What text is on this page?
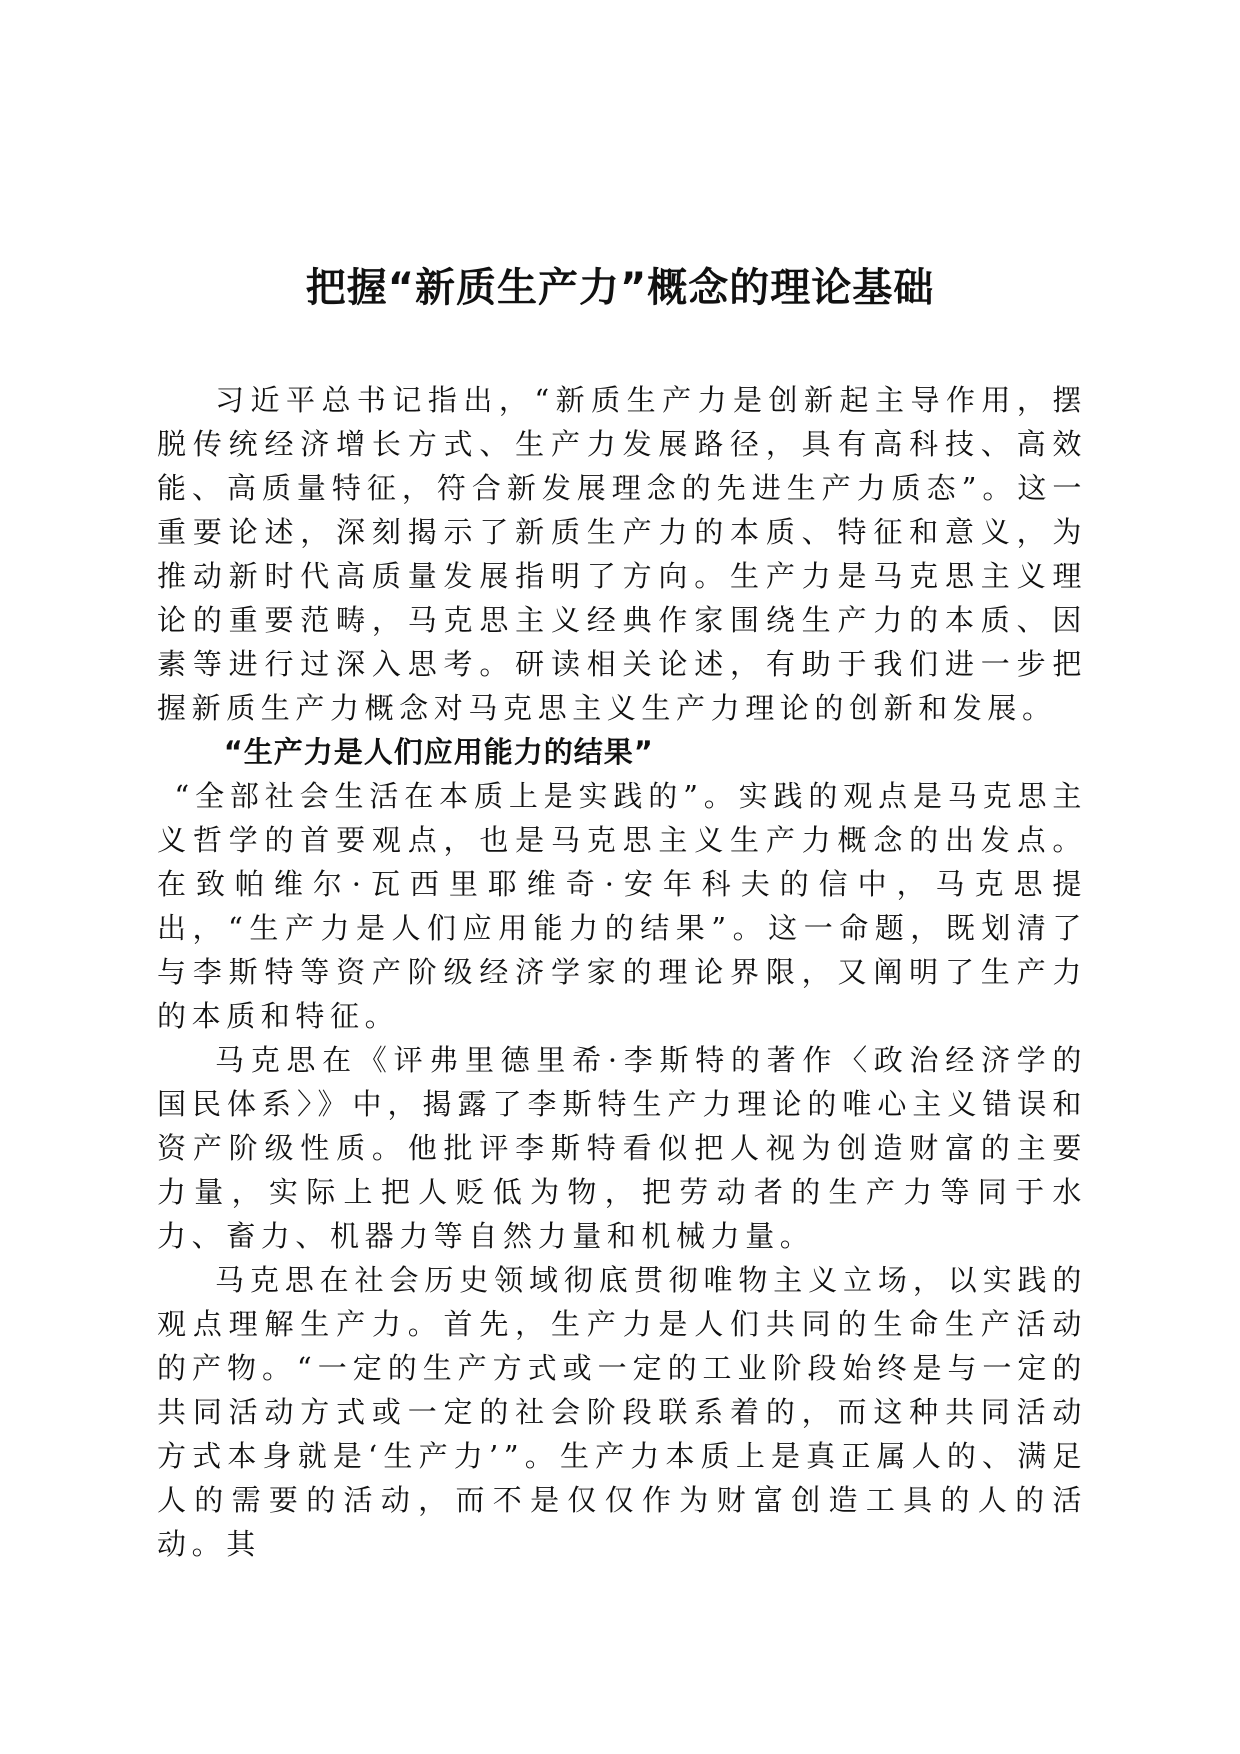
把握“新质生产力”概念的理论基础

习近平总书记指出，“新质生产力是创新起主导作用，摆脱传统经济增长方式、生产力发展路径，具有高科技、高效能、高质量特征，符合新发展理念的先进生产力质态”。这一重要论述，深刻揭示了新质生产力的本质、特征和意义，为推动新时代高质量发展指明了方向。生产力是马克思主义理论的重要范畴，马克思主义经典作家围绕生产力的本质、因素等进行过深入思考。研读相关论述，有助于我们进一步把握新质生产力概念对马克思主义生产力理论的创新和发展。

“生产力是人们应用能力的结果”

“全部社会生活在本质上是实践的”。实践的观点是马克思主义哲学的首要观点，也是马克思主义生产力概念的出发点。在致帕维尔·瓦西里耶维奇·安年科夫的信中，马克思提出，“生产力是人们应用能力的结果”。这一命题，既划清了与李斯特等资产阶级经济学家的理论界限，又阐明了生产力的本质和特征。

马克思在《评弗里德里希·李斯特的著作〈政治经济学的国民体系〉》中，揭露了李斯特生产力理论的唯心主义错误和资产阶级性质。他批评李斯特看似把人视为创造财富的主要力量，实际上把人贬低为物，把劳动者的生产力等同于水力、畜力、机器力等自然力量和机械力量。

马克思在社会历史领域彻底贯彻唯物主义立场，以实践的观点理解生产力。首先，生产力是人们共同的生命生产活动的产物。“一定的生产方式或一定的工业阶段始终是与一定的共同活动方式或一定的社会阶段联系着的，而这种共同活动方式本身就是‘生产力’”。生产力本质上是真正属人的、满足人的需要的活动，而不是仅仅作为财富创造工具的人的活动。其
